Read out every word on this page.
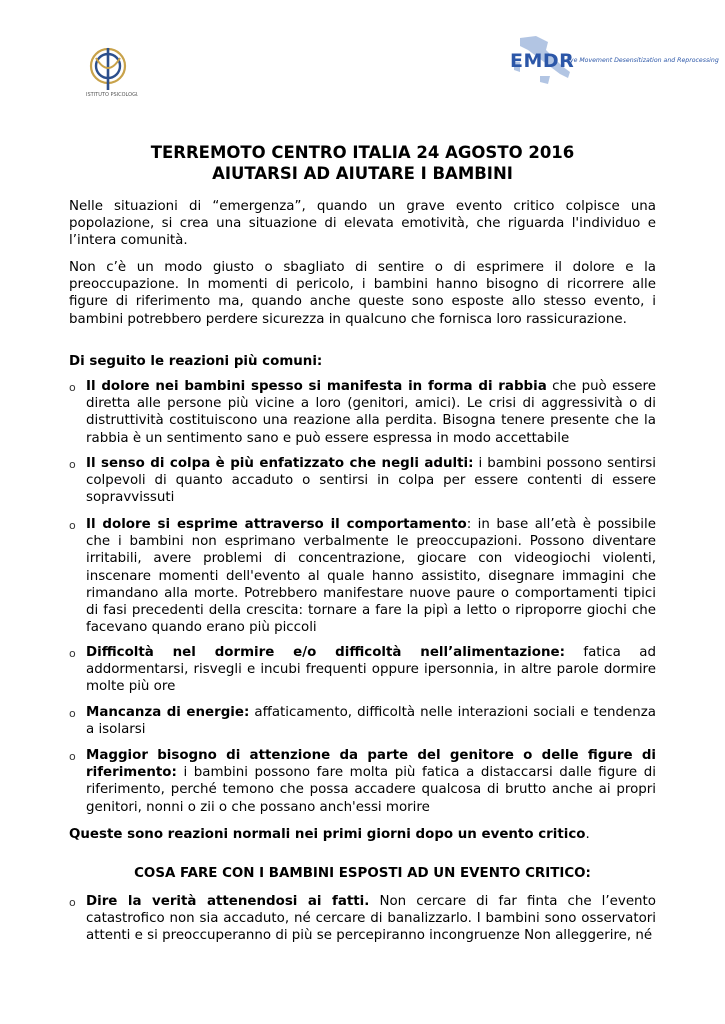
ISTITUTO PSICOLOGIA
EMDR
Eye Movement Desensitization and Reprocessing
TERREMOTO CENTRO ITALIA 24 AGOSTO 2016
AIUTARSI AD AIUTARE I BAMBINI
Nelle situazioni di “emergenza”, quando un grave evento critico colpisce una popolazione, si crea una situazione di elevata emotività, che riguarda l'individuo e l’intera comunità.
Non c’è un modo giusto o sbagliato di sentire o di esprimere il dolore e la preoccupazione. In momenti di pericolo, i bambini hanno bisogno di ricorrere alle figure di riferimento ma, quando anche queste sono esposte allo stesso evento, i bambini potrebbero perdere sicurezza in qualcuno che fornisca loro rassicurazione.
Di seguito le reazioni più comuni:
o Il dolore nei bambini spesso si manifesta in forma di rabbia che può essere diretta alle persone più vicine a loro (genitori, amici). Le crisi di aggressività o di distruttività costituiscono una reazione alla perdita. Bisogna tenere presente che la rabbia è un sentimento sano e può essere espressa in modo accettabile
o Il senso di colpa è più enfatizzato che negli adulti: i bambini possono sentirsi colpevoli di quanto accaduto o sentirsi in colpa per essere contenti di essere sopravvissuti
o Il dolore si esprime attraverso il comportamento: in base all’età è possibile che i bambini non esprimano verbalmente le preoccupazioni. Possono diventare irritabili, avere problemi di concentrazione, giocare con videogiochi violenti, inscenare momenti dell'evento al quale hanno assistito, disegnare immagini che rimandano alla morte. Potrebbero manifestare nuove paure o comportamenti tipici di fasi precedenti della crescita: tornare a fare la pipì a letto o riproporre giochi che facevano quando erano più piccoli
o Difficoltà nel dormire e/o difficoltà nell’alimentazione: fatica ad addormentarsi, risvegli e incubi frequenti oppure ipersonnia, in altre parole dormire molte più ore
o Mancanza di energie: affaticamento, difficoltà nelle interazioni sociali e tendenza a isolarsi
o Maggior bisogno di attenzione da parte del genitore o delle figure di riferimento: i bambini possono fare molta più fatica a distaccarsi dalle figure di riferimento, perché temono che possa accadere qualcosa di brutto anche ai propri genitori, nonni o zii o che possano anch'essi morire
Queste sono reazioni normali nei primi giorni dopo un evento critico.
COSA FARE CON I BAMBINI ESPOSTI AD UN EVENTO CRITICO:
o Dire la verità attenendosi ai fatti. Non cercare di far finta che l’evento catastrofico non sia accaduto, né cercare di banalizzarlo. I bambini sono osservatori attenti e si preoccuperanno di più se percepiranno incongruenze Non alleggerire, né
